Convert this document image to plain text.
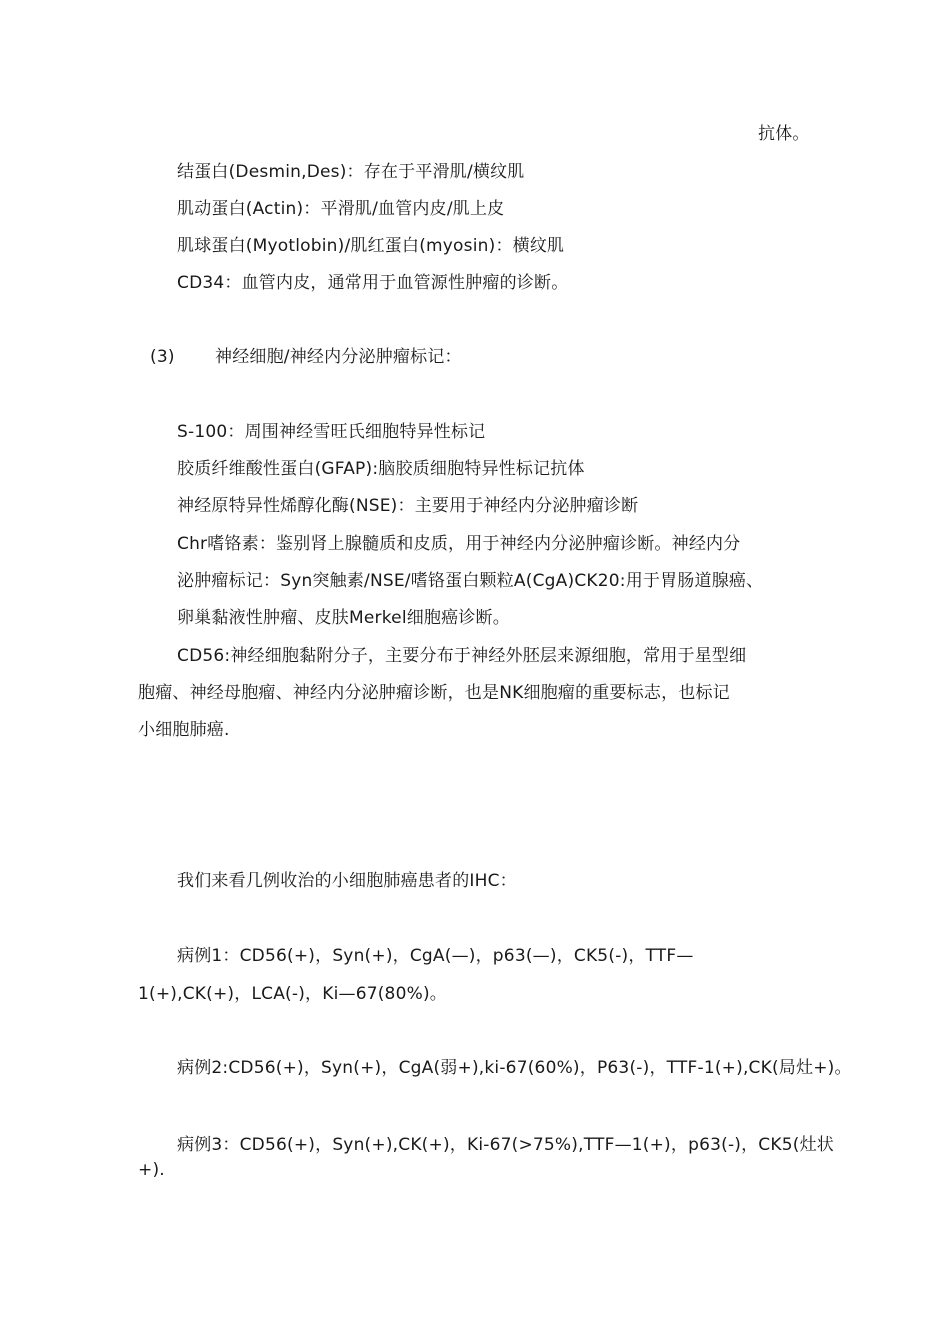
抗体。
结蛋白(Desmin,Des)：存在于平滑肌/横纹肌
肌动蛋白(Actin)：平滑肌/血管内皮/肌上皮
肌球蛋白(Myotlobin)/肌红蛋白(myosin)：横纹肌
CD34：血管内皮，通常用于血管源性肿瘤的诊断。
(3) 神经细胞/神经内分泌肿瘤标记：
S-100：周围神经雪旺氏细胞特异性标记
胶质纤维酸性蛋白(GFAP):脑胶质细胞特异性标记抗体
神经原特异性烯醇化酶(NSE)：主要用于神经内分泌肿瘤诊断
Chr嗜铬素：鉴别肾上腺髓质和皮质，用于神经内分泌肿瘤诊断。神经内分
泌肿瘤标记：Syn突触素/NSE/嗜铬蛋白颗粒A(CgA)CK20:用于胃肠道腺癌、
卵巢黏液性肿瘤、皮肤Merkel细胞癌诊断。
CD56:神经细胞黏附分子，主要分布于神经外胚层来源细胞，常用于星型细
胞瘤、神经母胞瘤、神经内分泌肿瘤诊断，也是NK细胞瘤的重要标志，也标记
小细胞肺癌.
我们来看几例收治的小细胞肺癌患者的IHC：
病例1：CD56(+)，Syn(+)，CgA(—)，p63(—)，CK5(-)，TTF—
1(+),CK(+)，LCA(-)，Ki—67(80%)。
病例2:CD56(+)，Syn(+)，CgA(弱+),ki-67(60%)，P63(-)，TTF-1(+),CK(局灶+)。
病例3：CD56(+)，Syn(+),CK(+)，Ki-67(>75%),TTF—1(+)，p63(-)，CK5(灶状
+).
